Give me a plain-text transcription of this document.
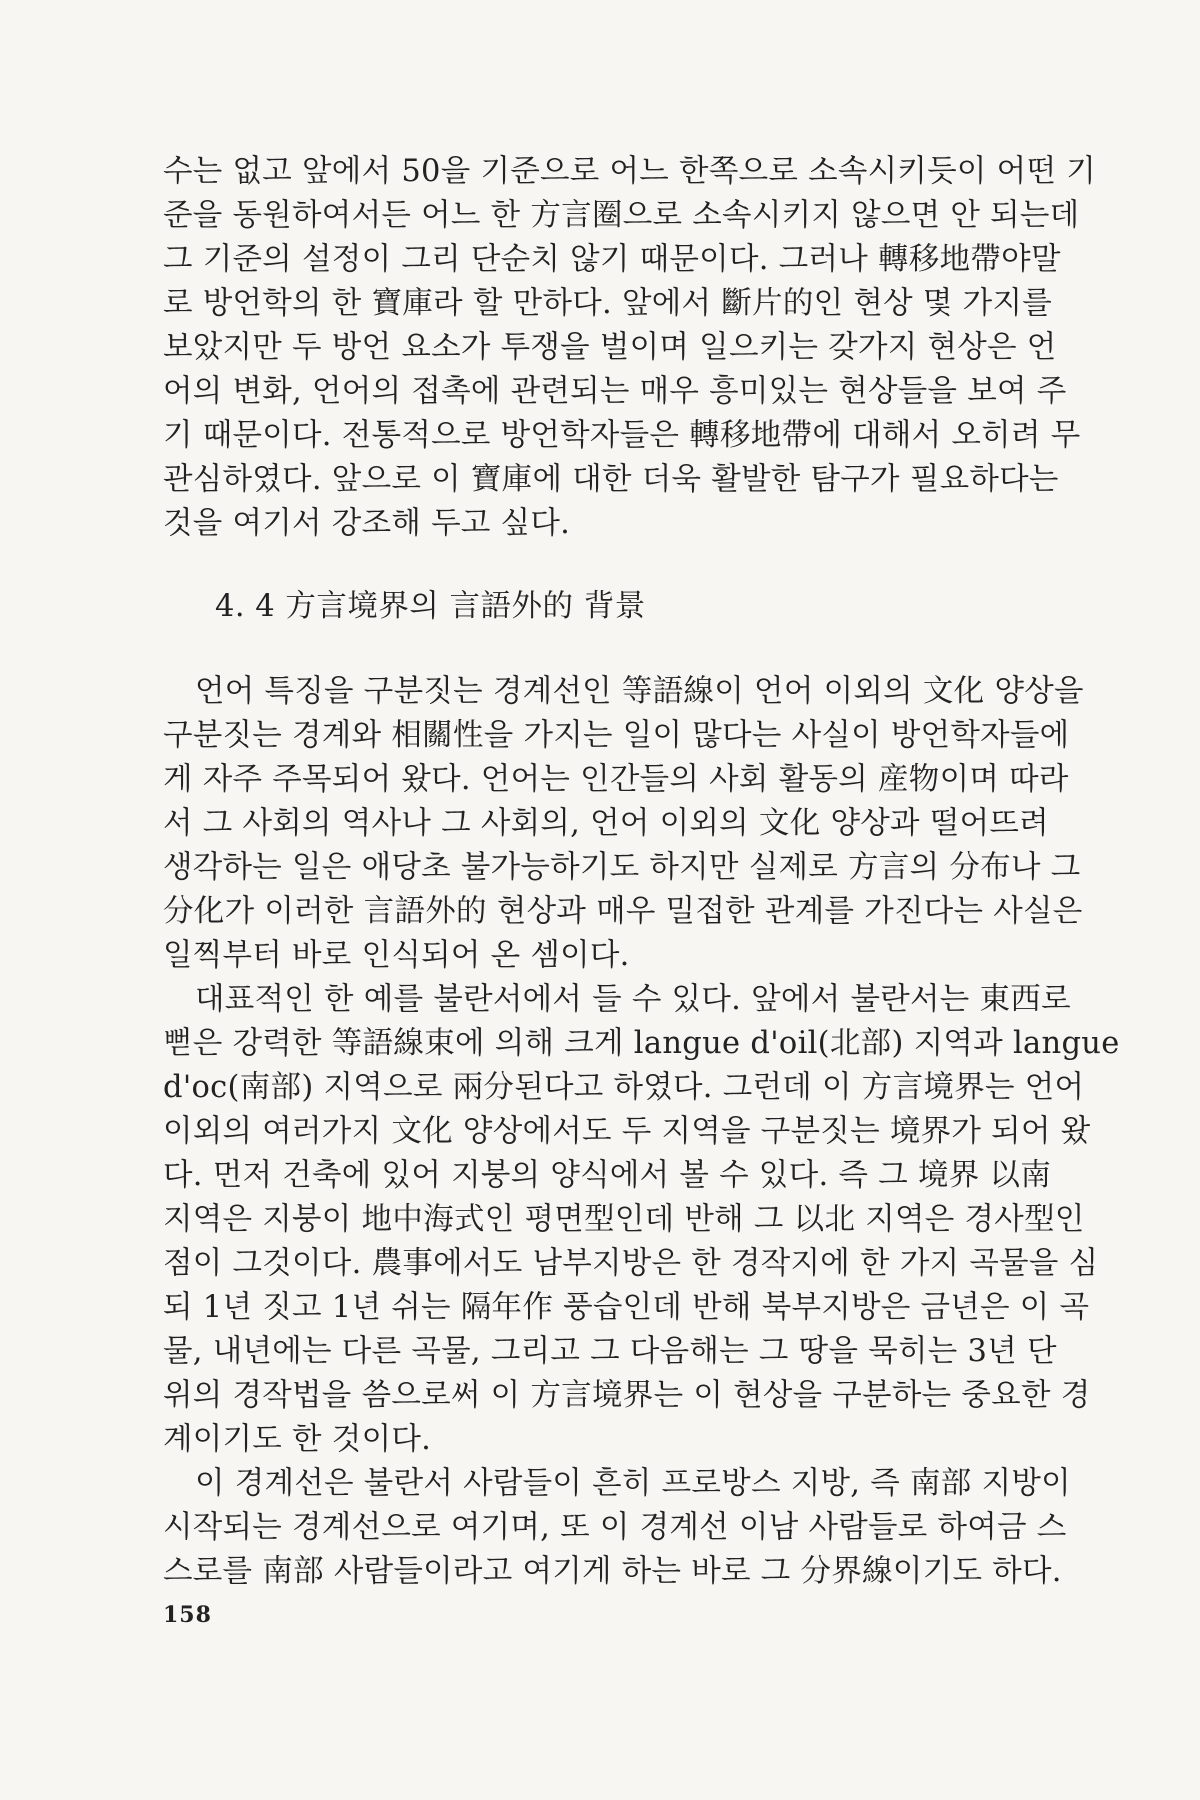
수는 없고 앞에서 50을 기준으로 어느 한쪽으로 소속시키듯이 어떤 기
준을 동원하여서든 어느 한 方言圈으로 소속시키지 않으면 안 되는데
그 기준의 설정이 그리 단순치 않기 때문이다. 그러나 轉移地帶야말
로 방언학의 한 寶庫라 할 만하다. 앞에서 斷片的인 현상 몇 가지를
보았지만 두 방언 요소가 투쟁을 벌이며 일으키는 갖가지 현상은 언
어의 변화, 언어의 접촉에 관련되는 매우 흥미있는 현상들을 보여 주
기 때문이다. 전통적으로 방언학자들은 轉移地帶에 대해서 오히려 무
관심하였다. 앞으로 이 寶庫에 대한 더욱 활발한 탐구가 필요하다는
것을 여기서 강조해 두고 싶다.
4. 4 方言境界의 言語外的 背景
언어 특징을 구분짓는 경계선인 等語線이 언어 이외의 文化 양상을
구분짓는 경계와 相關性을 가지는 일이 많다는 사실이 방언학자들에
게 자주 주목되어 왔다. 언어는 인간들의 사회 활동의 産物이며 따라
서 그 사회의 역사나 그 사회의, 언어 이외의 文化 양상과 떨어뜨려
생각하는 일은 애당초 불가능하기도 하지만 실제로 方言의 分布나 그
分化가 이러한 言語外的 현상과 매우 밀접한 관계를 가진다는 사실은
일찍부터 바로 인식되어 온 셈이다.
대표적인 한 예를 불란서에서 들 수 있다. 앞에서 불란서는 東西로
뻗은 강력한 等語線束에 의해 크게 langue d'oil(北部) 지역과 langue
d'oc(南部) 지역으로 兩分된다고 하였다. 그런데 이 方言境界는 언어
이외의 여러가지 文化 양상에서도 두 지역을 구분짓는 境界가 되어 왔
다. 먼저 건축에 있어 지붕의 양식에서 볼 수 있다. 즉 그 境界 以南
지역은 지붕이 地中海式인 평면型인데 반해 그 以北 지역은 경사型인
점이 그것이다. 農事에서도 남부지방은 한 경작지에 한 가지 곡물을 심
되 1년 짓고 1년 쉬는 隔年作 풍습인데 반해 북부지방은 금년은 이 곡
물, 내년에는 다른 곡물, 그리고 그 다음해는 그 땅을 묵히는 3년 단
위의 경작법을 씀으로써 이 方言境界는 이 현상을 구분하는 중요한 경
계이기도 한 것이다.
이 경계선은 불란서 사람들이 흔히 프로방스 지방, 즉 南部 지방이
시작되는 경계선으로 여기며, 또 이 경계선 이남 사람들로 하여금 스
스로를 南部 사람들이라고 여기게 하는 바로 그 分界線이기도 하다.
158
